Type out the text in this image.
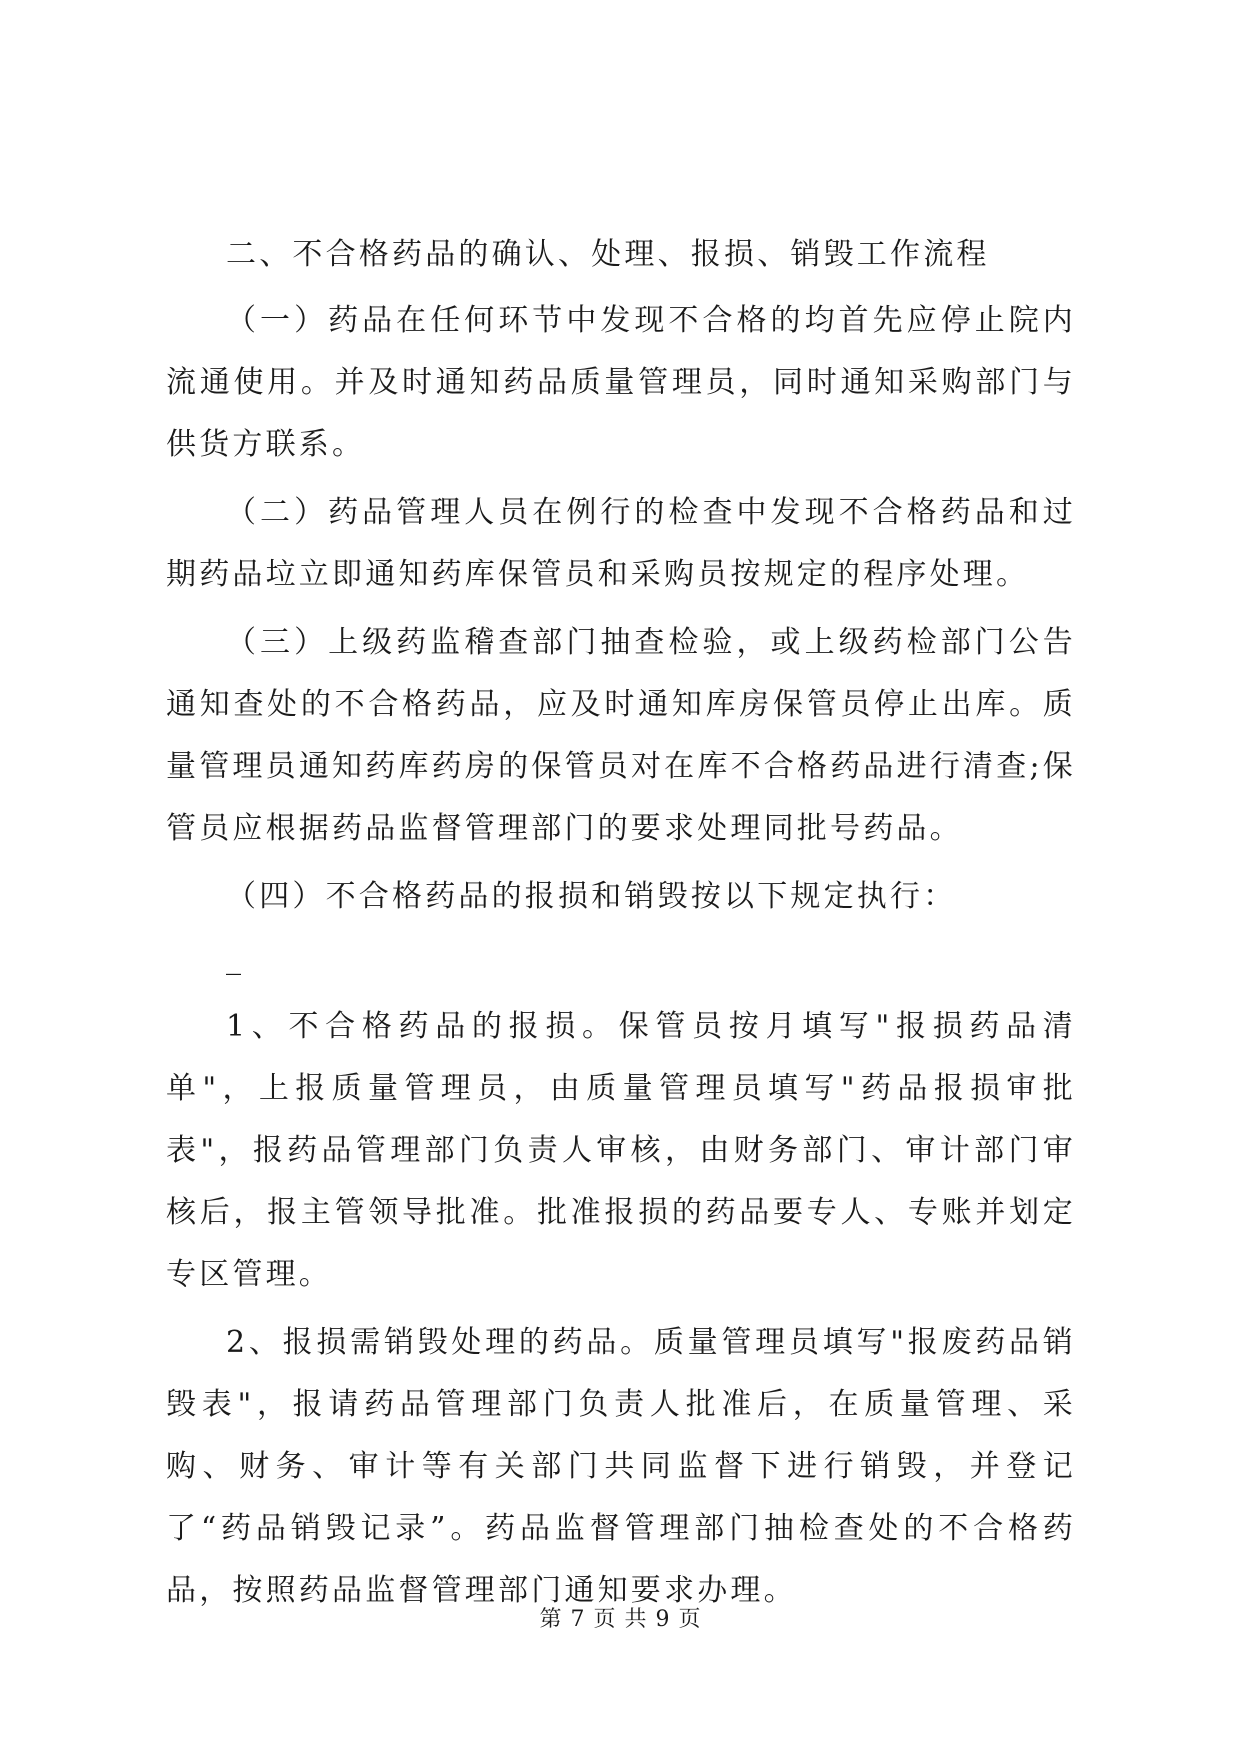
二、不合格药品的确认、处理、报损、销毁工作流程

（一）药品在任何环节中发现不合格的均首先应停止院内流通使用。并及时通知药品质量管理员，同时通知采购部门与供货方联系。

（二）药品管理人员在例行的检查中发现不合格药品和过期药品垃立即通知药库保管员和采购员按规定的程序处理。

（三）上级药监稽查部门抽查检验，或上级药检部门公告通知查处的不合格药品，应及时通知库房保管员停止出库。质量管理员通知药库药房的保管员对在库不合格药品进行清查;保管员应根据药品监督管理部门的要求处理同批号药品。

（四）不合格药品的报损和销毁按以下规定执行：

_

1、不合格药品的报损。保管员按月填写"报损药品清单"，上报质量管理员，由质量管理员填写"药品报损审批表"，报药品管理部门负责人审核，由财务部门、审计部门审核后，报主管领导批准。批准报损的药品要专人、专账并划定专区管理。

2、报损需销毁处理的药品。质量管理员填写"报废药品销毁表"，报请药品管理部门负责人批准后，在质量管理、采购、财务、审计等有关部门共同监督下进行销毁，并登记了“药品销毁记录”。药品监督管理部门抽检查处的不合格药品，按照药品监督管理部门通知要求办理。

第 7 页 共 9 页
